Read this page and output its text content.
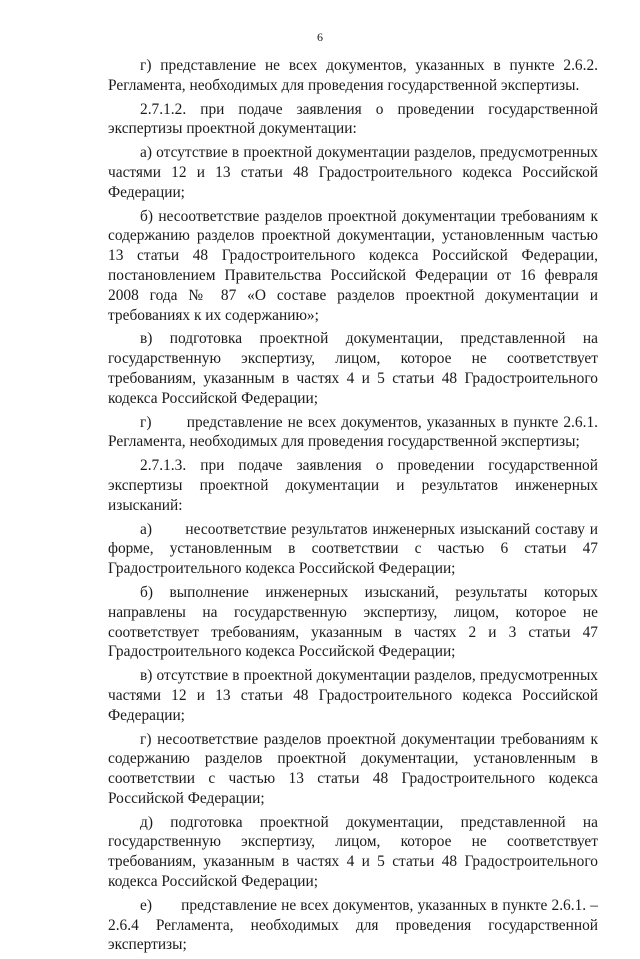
6

г) представление не всех документов, указанных в пункте 2.6.2. Регламента, необходимых для проведения государственной экспертизы.

2.7.1.2. при подаче заявления о проведении государственной экспертизы проектной документации:

а) отсутствие в проектной документации разделов, предусмотренных частями 12 и 13 статьи 48 Градостроительного кодекса Российской Федерации;

б) несоответствие разделов проектной документации требованиям к содержанию разделов проектной документации, установленным частью 13 статьи 48 Градостроительного кодекса Российской Федерации, постановлением Правительства Российской Федерации от 16 февраля 2008 года № 87 «О составе разделов проектной документации и требованиях к их содержанию»;

в) подготовка проектной документации, представленной на государственную экспертизу, лицом, которое не соответствует требованиям, указанным в частях 4 и 5 статьи 48 Градостроительного кодекса Российской Федерации;

г)       представление не всех документов, указанных в пункте 2.6.1. Регламента, необходимых для проведения государственной экспертизы;

2.7.1.3. при подаче заявления о проведении государственной экспертизы проектной документации и результатов инженерных изысканий:

а)       несоответствие результатов инженерных изысканий составу и форме, установленным в соответствии с частью 6 статьи 47 Градостроительного кодекса Российской Федерации;

б) выполнение инженерных изысканий, результаты которых направлены на государственную экспертизу, лицом, которое не соответствует требованиям, указанным в частях 2 и 3 статьи 47 Градостроительного кодекса Российской Федерации;

в) отсутствие в проектной документации разделов, предусмотренных частями 12 и 13 статьи 48 Градостроительного кодекса Российской Федерации;

г) несоответствие разделов проектной документации требованиям к содержанию разделов проектной документации, установленным в соответствии с частью 13 статьи 48 Градостроительного кодекса Российской Федерации;

д) подготовка проектной документации, представленной на государственную экспертизу, лицом, которое не соответствует требованиям, указанным в частях 4 и 5 статьи 48 Градостроительного кодекса Российской Федерации;

е)       представление не всех документов, указанных в пункте 2.6.1. – 2.6.4 Регламента, необходимых для проведения государственной экспертизы;
